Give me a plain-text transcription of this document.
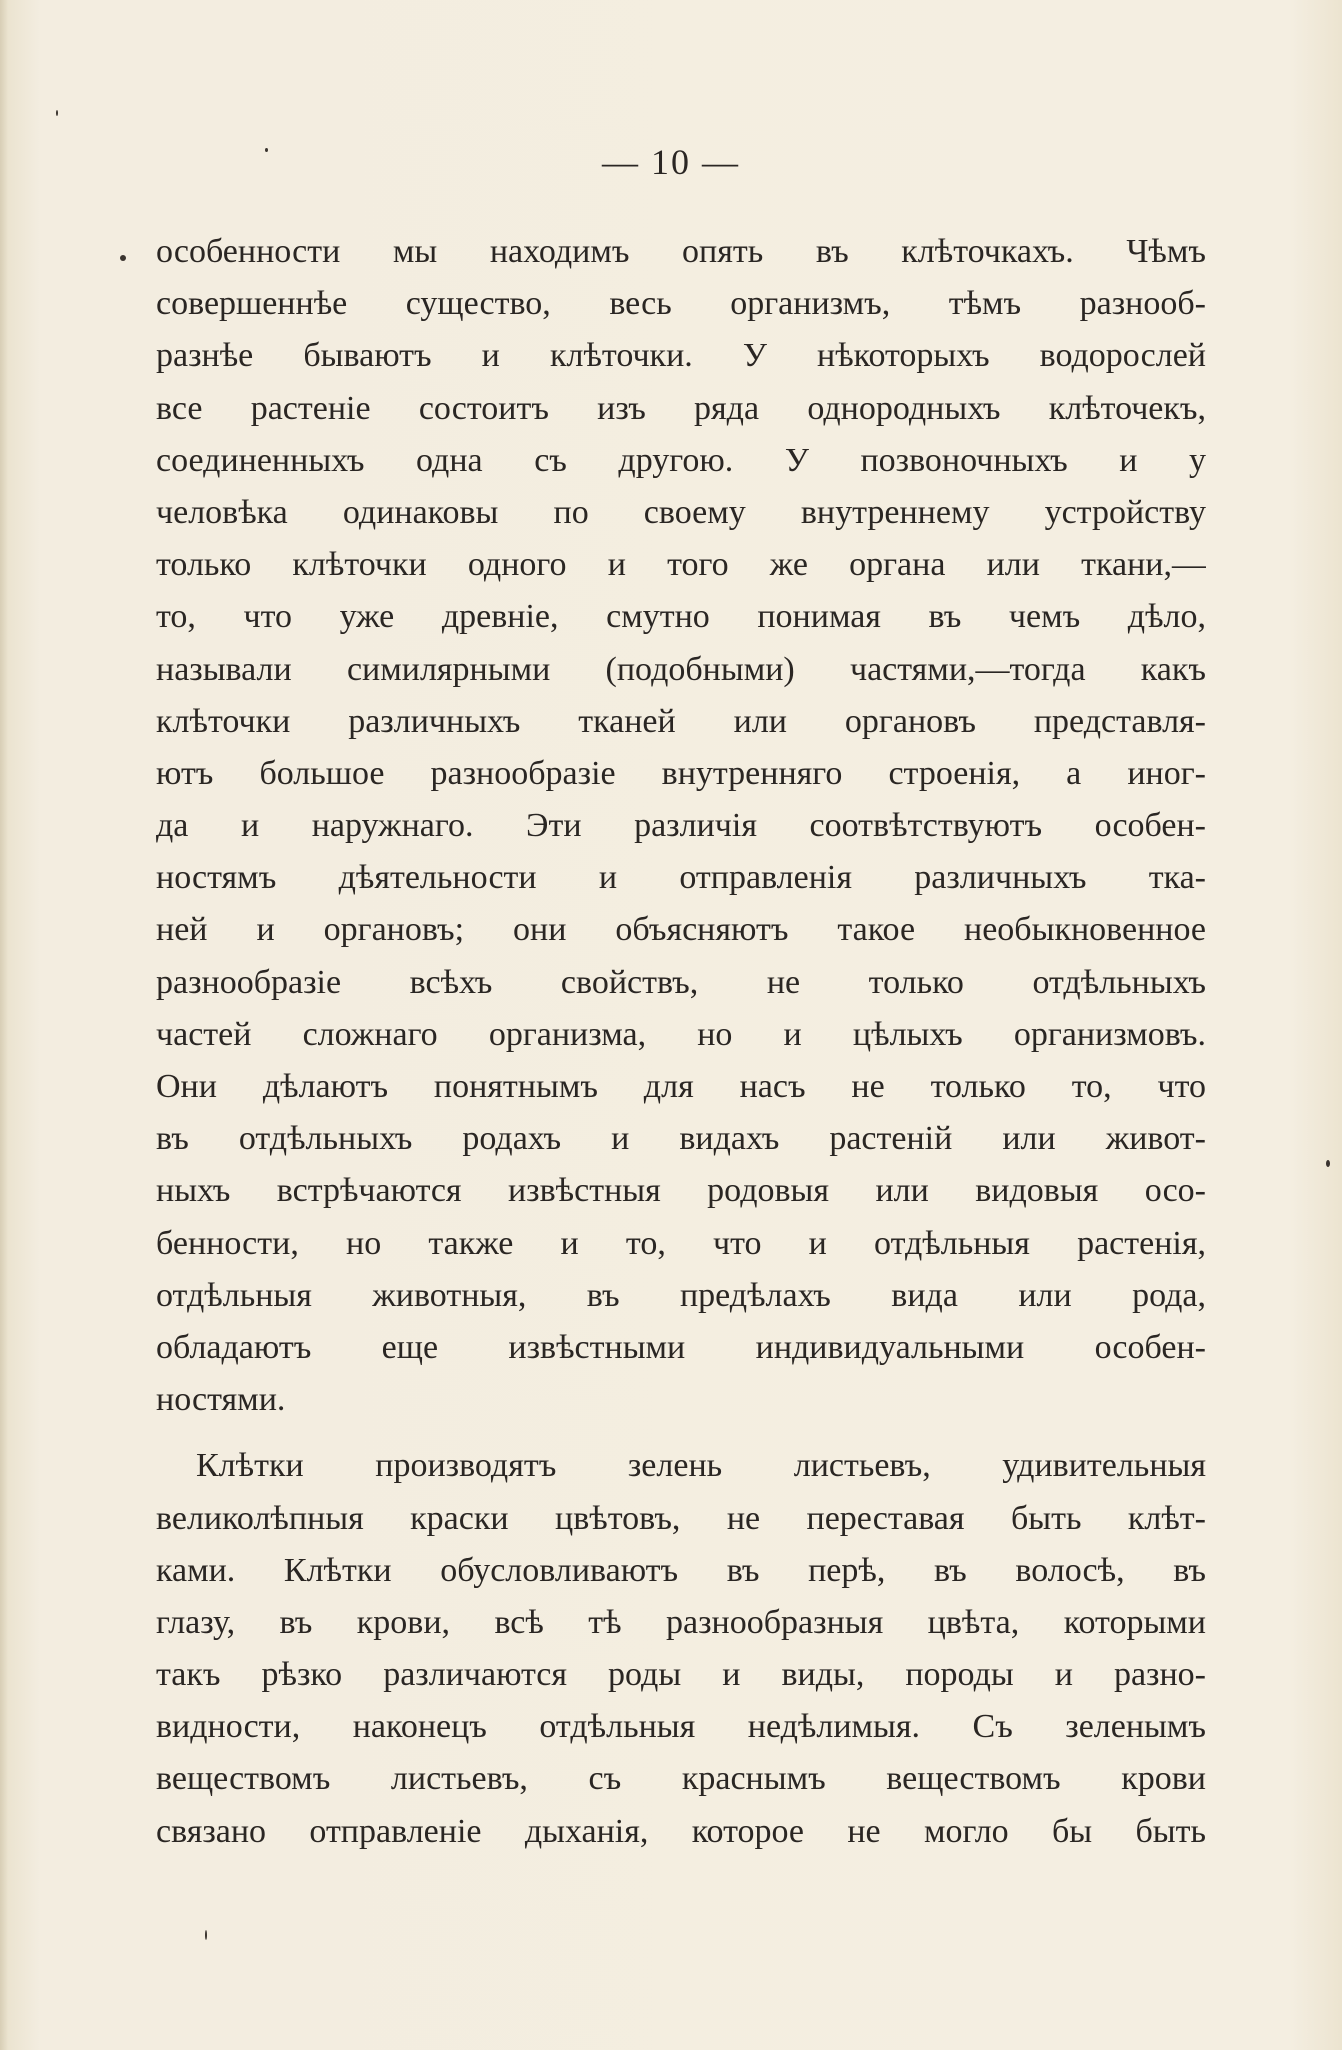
— 10 —
особенности мы находимъ опять въ клѣточкахъ. Чѣмъ
совершеннѣе существо, весь организмъ, тѣмъ разнооб-
разнѣе бываютъ и клѣточки. У нѣкоторыхъ водорослей
все растенiе состоитъ изъ ряда однородныхъ клѣточекъ,
соединенныхъ одна съ другою. У позвоночныхъ и у
человѣка одинаковы по своему внутреннему устройству
только клѣточки одного и того же органа или ткани,—
то, что уже древнiе, смутно понимая въ чемъ дѣло,
называли симилярными (подобными) частями,—тогда какъ
клѣточки различныхъ тканей или органовъ представля-
ютъ большое разнообразiе внутренняго строенiя, а иног-
да и наружнаго. Эти различiя соотвѣтствуютъ особен-
ностямъ дѣятельности и отправленiя различныхъ тка-
ней и органовъ; они объясняютъ такое необыкновенное
разнообразiе всѣхъ свойствъ, не только отдѣльныхъ
частей сложнаго организма, но и цѣлыхъ организмовъ.
Они дѣлаютъ понятнымъ для насъ не только то, что
въ отдѣльныхъ родахъ и видахъ растенiй или живот-
ныхъ встрѣчаются извѣстныя родовыя или видовыя осо-
бенности, но также и то, что и отдѣльныя растенiя,
отдѣльныя животныя, въ предѣлахъ вида или рода,
обладаютъ еще извѣстными индивидуальными особен-
ностями.
Клѣтки производятъ зелень листьевъ, удивительныя
великолѣпныя краски цвѣтовъ, не переставая быть клѣт-
ками. Клѣтки обусловливаютъ въ перѣ, въ волосѣ, въ
глазу, въ крови, всѣ тѣ разнообразныя цвѣта, которыми
такъ рѣзко различаются роды и виды, породы и разно-
видности, наконецъ отдѣльныя недѣлимыя. Съ зеленымъ
веществомъ листьевъ, съ краснымъ веществомъ крови
связано отправленiе дыханiя, которое не могло бы быть
